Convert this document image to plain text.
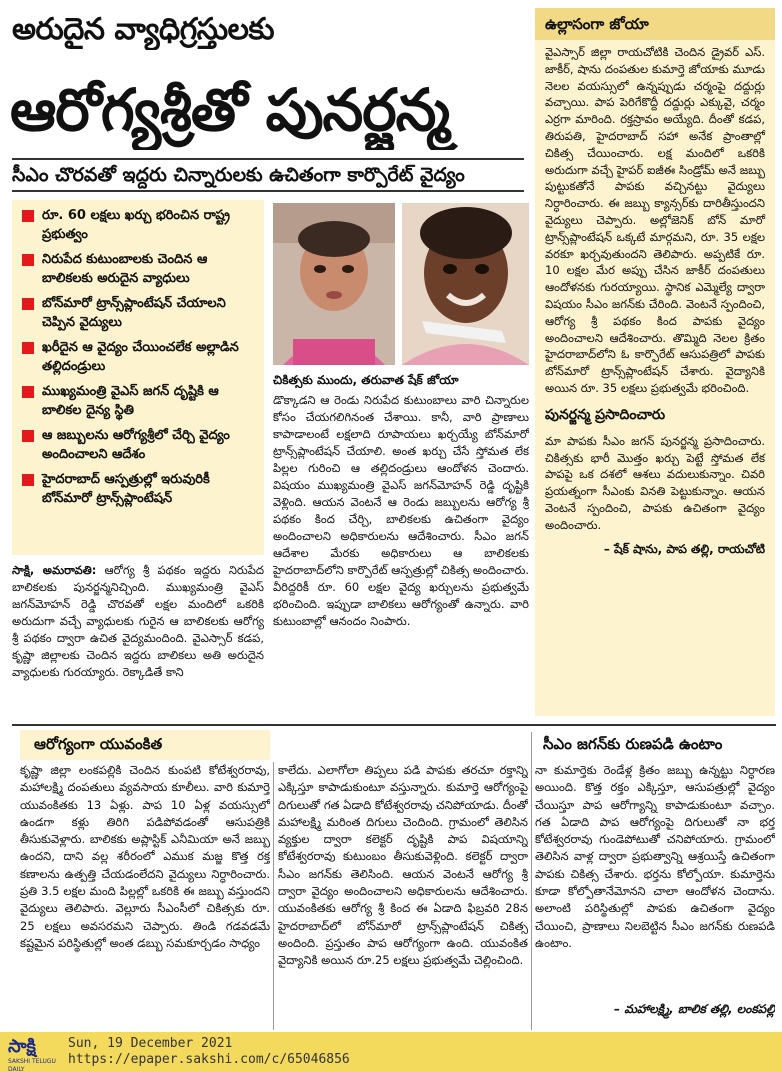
అరుదైన వ్యాధిగ్రస్తులకు
ఆరోగ్యశ్రీతో పునర్జన్మ
సీఎం చొరవతో ఇద్దరు చిన్నారులకు ఉచితంగా కార్పొరేట్ వైద్యం
రూ. 60 లక్షలు ఖర్చు భరించిన రాష్ట్ర ప్రభుత్వం
నిరుపేద కుటుంబాలకు చెందిన ఆ బాలికలకు అరుదైన వ్యాధులు
బోన్‌మారో ట్రాన్స్‌ప్లాంటేషన్ చేయాలని చెప్పిన వైద్యులు
ఖరీదైన ఆ వైద్యం చేయించలేక అల్లాడిన తల్లిదండ్రులు
ముఖ్యమంత్రి వైఎస్ జగన్ దృష్టికి ఆ బాలికల దైన్య స్థితి
ఆ జబ్బులను ఆరోగ్యశ్రీలో చేర్చి వైద్యం అందించాలని ఆదేశం
హైదరాబాద్ ఆస్పత్రుల్లో ఇరువురికీ బోన్‌మారో ట్రాన్స్‌ప్లాంటేషన్
చికిత్సకు ముందు, తరువాత షేక్ జోయా
సాక్షి, అమరావతి: ఆరోగ్య శ్రీ పథకం ఇద్దరు నిరుపేద బాలికలకు పునర్జన్మనిచ్చింది. ముఖ్యమంత్రి వైఎస్ జగన్‌మోహన్ రెడ్డి చొరవతో లక్షల మందిలో ఒకరికి అరుదుగా వచ్చే వ్యాధులకు గురైన ఆ బాలికలకు ఆరోగ్య శ్రీ పథకం ద్వారా ఉచిత వైద్యమందింది. వైఎస్సార్ కడప, కృష్ణా జిల్లాలకు చెందిన ఇద్దరు బాలికలు అతి అరుదైన వ్యాధులకు గురయ్యారు. రెక్కాడితే కాని
డొక్కాడని ఆ రెండు నిరుపేద కుటుంబాలు వారి చిన్నారుల కోసం చేయగలిగినంత చేశాయి. కానీ, వారి ప్రాణాలు కాపాడాలంటే లక్షలాది రూపాయలు ఖర్చయ్యే బోన్‌మారో ట్రాన్స్‌ప్లాంటేషన్ చేయాలి. అంత ఖర్చు చేసే స్తోమత లేక పిల్లల గురించి ఆ తల్లిదండ్రులు ఆందోళన చెందారు. విషయం ముఖ్యమంత్రి వైఎస్ జగన్‌మోహన్ రెడ్డి దృష్టికి వెళ్లింది. ఆయన వెంటనే ఆ రెండు జబ్బులను ఆరోగ్య శ్రీ పథకం కింద చేర్చి, బాలికలకు ఉచితంగా వైద్యం అందించాలని అధికారులను ఆదేశించారు. సీఎం జగన్ ఆదేశాల మేరకు అధికారులు ఆ బాలికలకు హైదరాబాద్‌లోని కార్పొరేట్ ఆస్పత్రుల్లో చికిత్స అందించారు. వీరిద్దరికీ రూ. 60 లక్షల వైద్య ఖర్చులను ప్రభుత్వమే భరించింది. ఇప్పుడా బాలికలు ఆరోగ్యంతో ఉన్నారు. వారి కుటుంబాల్లో ఆనందం నింపారు.
ఉల్లాసంగా జోయా
వైఎస్సార్ జిల్లా రాయచోటికి చెందిన డ్రైవర్ ఎస్. జాకీర్, షాను దంపతుల కుమార్తె జోయాకు మూడు నెలల వయస్సులో ఉన్నప్పుడు చర్మంపై దద్దుర్లు వచ్చాయి. పాప పెరిగేకొద్దీ దద్దుర్లు ఎక్కువై, చర్మం ఎర్రగా మారింది. రక్తస్రావం అయ్యేది. దీంతో కడప, తిరుపతి, హైదరాబాద్ సహా అనేక ప్రాంతాల్లో చికిత్స చేయించారు. లక్ష మందిలో ఒకరికి అరుదుగా వచ్చే హైపర్ ఐజీఈ సిండ్రోమ్ అనే జబ్బు పుట్టుకతోనే పాపకు వచ్చినట్టు వైద్యులు నిర్ధారించారు. ఈ జబ్బు క్యాన్సర్‌కు దారితీస్తుందని వైద్యులు చెప్పారు. అల్లోజెనిక్ బోన్ మారో ట్రాన్స్‌ప్లాంటేషన్ ఒక్కటే మార్గమని, రూ. 35 లక్షల వరకూ ఖర్చవుతుందని తెలిపారు. అప్పటికే రూ. 10 లక్షల మేర అప్పు చేసిన జాకీర్ దంపతులు ఆందోళనకు గురయ్యాయి. స్థానిక ఎమ్మెల్యే ద్వారా విషయం సీఎం జగన్‌కు చేరింది. వెంటనే స్పందించి, ఆరోగ్య శ్రీ పథకం కింద పాపకు వైద్యం అందించాలని ఆదేశించారు. తొమ్మిది నెలల క్రితం హైదరాబాద్‌లోని ఓ కార్పొరేట్ ఆసుపత్రిలో పాపకు బోన్‌మారో ట్రాన్స్‌ప్లాంటేషన్ చేశారు. వైద్యానికి అయిన రూ. 35 లక్షలు ప్రభుత్వమే భరించింది.
పునర్జన్మ ప్రసాదించారు
మా పాపకు సీఎం జగన్ పునర్జన్మ ప్రసాదించారు. చికిత్సకు భారీ మొత్తం ఖర్చు పెట్టే స్తోమత లేక పాపపై ఒక దశలో ఆశలు వదులుకున్నాం. చివరి ప్రయత్నంగా సీఎంకు వినతి పెట్టుకున్నాం. ఆయన వెంటనే స్పందించి, పాపకు ఉచితంగా వైద్యం అందించారు.
– షేక్ షాను, పాప తల్లి, రాయచోటి
ఆరోగ్యంగా యువంకిత	సీఎం జగన్‌కు రుణపడి ఉంటాం
కృష్ణా జిల్లా లంకపల్లికి చెందిన కుంపటి కోటేశ్వరరావు, మహాలక్ష్మి దంపతులు వ్యవసాయ కూలీలు. వారి కుమార్తె యువంకితకు 13 ఏళ్లు. పాప 10 ఏళ్ల వయస్సులో ఉండగా కళ్లు తిరిగి పడిపోవడంతో ఆసుపత్రికి తీసుకువెళ్లారు. బాలికకు అప్లాస్టిక్ ఎనీమియా అనే జబ్బు ఉందని, దాని వల్ల శరీరంలో ఎముక మజ్జ కొత్త రక్త కణాలను ఉత్పత్తి చేయడంలేదని వైద్యులు నిర్ధారించారు. ప్రతి 3.5 లక్షల మంది పిల్లల్లో ఒకరికి ఈ జబ్బు వస్తుందని వైద్యులు తెలిపారు. వెల్లూరు సీఎంసీలో చికిత్సకు రూ. 25 లక్షలు అవసరమని చెప్పారు. తిండి గడవడమే కష్టమైన పరిస్థితుల్లో అంత డబ్బు సమకూర్చడం సాధ్యం
కాలేదు. ఎలాగోలా తిప్పలు పడి పాపకు తరచూ రక్తాన్ని ఎక్కిస్తూ కాపాడుకుంటూ వస్తున్నారు. కుమార్తె ఆరోగ్యంపై దిగులుతో గత ఏడాది కోటేశ్వరరావు చనిపోయాడు. దీంతో మహాలక్ష్మి మరింత దిగులు చెందింది. గ్రామంలో తెలిసిన వ్యక్తుల ద్వారా కలెక్టర్ దృష్టికి పాప విషయాన్ని కోటేశ్వరరావు కుటుంబం తీసుకువెళ్లింది. కలెక్టర్ ద్వారా సీఎం జగన్‌కు తెలిసింది. ఆయన వెంటనే ఆరోగ్య శ్రీ ద్వారా వైద్యం అందించాలని అధికారులను ఆదేశించారు. యువంకితకు ఆరోగ్య శ్రీ కింద ఈ ఏడాది ఫిబ్రవరి 28న హైదరాబాద్‌లో బోన్‌మారో ట్రాన్స్‌ప్లాంటేషన్ చికిత్స అందింది. ప్రస్తుతం పాప ఆరోగ్యంగా ఉంది. యువంకిత వైద్యానికి అయిన రూ.25 లక్షలు ప్రభుత్వమే చెల్లించింది.
నా కుమార్తెకు రెండేళ్ల క్రితం జబ్బు ఉన్నట్టు నిర్ధారణ అయింది. కొత్త రక్తం ఎక్కిస్తూ, ఆసుపత్రుల్లో వైద్యం చేయిస్తూ పాప ఆరోగ్యాన్ని కాపాడుకుంటూ వచ్చాం. గత ఏడాది పాప ఆరోగ్యంపై దిగులుతో నా భర్త కోటేశ్వరరావు గుండెపోటుతో చనిపోయారు. గ్రామంలో తెలిసిన వాళ్ల ద్వారా ప్రభుత్వాన్ని ఆశ్రయిస్తే ఉచితంగా పాపకు చికిత్స చేశారు. భర్తను కోల్పోయా. కుమార్తెను కూడా కోల్పోతానేమోనని చాలా ఆందోళన చెందాను. అలాంటి పరిస్థితుల్లో పాపకు ఉచితంగా వైద్యం చేయించి, ప్రాణాలు నిలబెట్టిన సీఎం జగన్‌కు రుణపడి ఉంటాం.
– మహాలక్ష్మి, బాలిక తల్లి, లంకపల్లి
సాక్షి
SAKSHI TELUGU DAILY
Sun, 19 December 2021
https://epaper.sakshi.com/c/65046856
